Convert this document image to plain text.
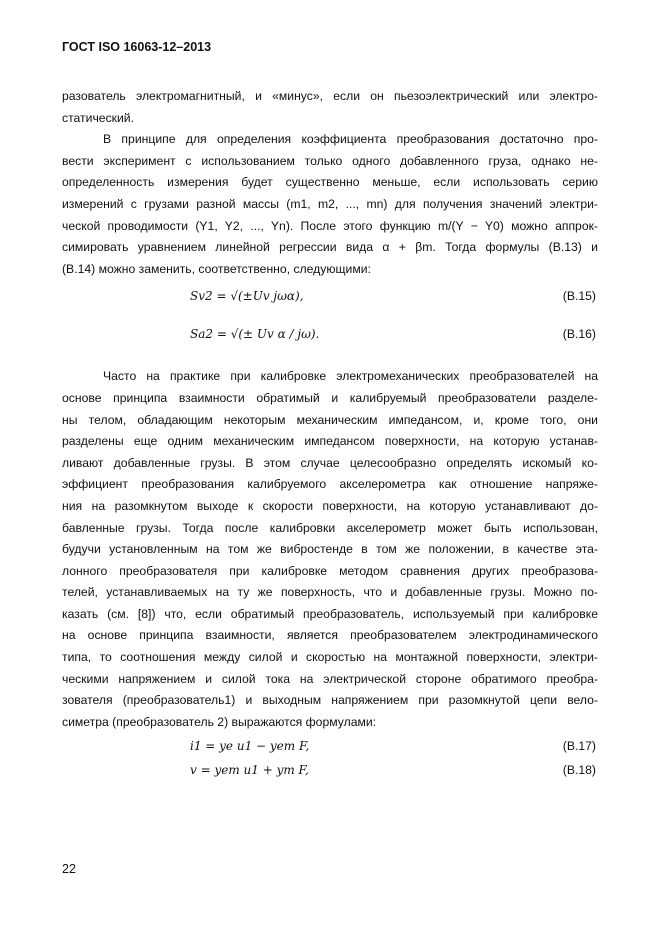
ГОСТ ISO 16063-12–2013
разователь электромагнитный, и «минус», если он пьезоэлектрический или электро-
статический.
В принципе для определения коэффициента преобразования достаточно про-
вести эксперимент с использованием только одного добавленного груза, однако не-
определенность измерения будет существенно меньше, если использовать серию
измерений с грузами разной массы (m1, m2, ..., mn) для получения значений электри-
ческой проводимости (Y1, Y2, ..., Yn). После этого функцию m/(Y − Y0) можно аппрок-
симировать уравнением линейной регрессии вида α + βm. Тогда формулы (В.13) и
(В.14) можно заменить, соответственно, следующими:
Sv2 = √(±Uv jωα),	(В.15)
Sa2 = √(± Uv α / jω).	(В.16)
Часто на практике при калибровке электромеханических преобразователей на
основе принципа взаимности обратимый и калибруемый преобразователи разделе-
ны телом, обладающим некоторым механическим импедансом, и, кроме того, они
разделены еще одним механическим импедансом поверхности, на которую устанав-
ливают добавленные грузы. В этом случае целесообразно определять искомый ко-
эффициент преобразования калибруемого акселерометра как отношение напряже-
ния на разомкнутом выходе к скорости поверхности, на которую устанавливают до-
бавленные грузы. Тогда после калибровки акселерометр может быть использован,
будучи установленным на том же вибростенде в том же положении, в качестве эта-
лонного преобразователя при калибровке методом сравнения других преобразова-
телей, устанавливаемых на ту же поверхность, что и добавленные грузы. Можно по-
казать (см. [8]) что, если обратимый преобразователь, используемый при калибровке
на основе принципа взаимности, является преобразователем электродинамического
типа, то соотношения между силой и скоростью на монтажной поверхности, электри-
ческими напряжением и силой тока на электрической стороне обратимого преобра-
зователя (преобразователь1) и выходным напряжением при разомкнутой цепи вело-
симетра (преобразователь 2) выражаются формулами:
i1 = ye u1 − yem F,	(В.17)
v = yem u1 + ym F,	(В.18)
22
